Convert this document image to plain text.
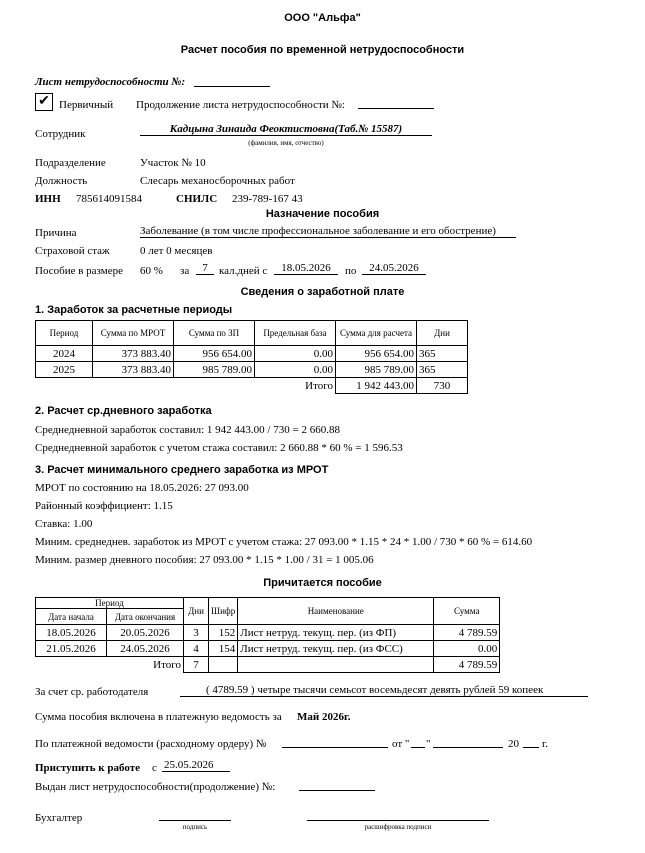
ООО "Альфа"
Расчет пособия по временной нетрудоспособности
Лист нетрудоспособности №:
✔ Первичный Продолжение листа нетрудоспособности №:
Сотрудник	Кадцына Зинаида Феоктистовна(Таб.№ 15587)
(фамилия, имя, отчество)
Подразделение	Участок № 10
Должность	Слесарь механосборочных работ
ИНН 785614091584	СНИЛС 239-789-167 43
Назначение пособия
Причина	Заболевание (в том числе профессиональное заболевание и его обострение)
Страховой стаж	0 лет 0 месяцев
Пособие в размере 60 % за	7	кал.дней с	18.05.2026	по	24.05.2026
Сведения о заработной плате
1. Заработок за расчетные периоды
Период	Сумма по МРОТ	Сумма по ЗП	Предельная база	Сумма для расчета	Дни
2024	373 883.40	956 654.00	0.00	956 654.00	365
2025	373 883.40	985 789.00	0.00	985 789.00	365
			Итого	1 942 443.00	730
2. Расчет ср.дневного заработка
Среднедневной заработок составил: 1 942 443.00 / 730 = 2 660.88
Среднедневной заработок с учетом стажа составил: 2 660.88 * 60 % = 1 596.53
3. Расчет минимального среднего заработка из МРОТ
МРОТ по состоянию на 18.05.2026: 27 093.00
Районный коэффициент: 1.15
Ставка: 1.00
Миним. среднеднев. заработок из МРОТ с учетом стажа: 27 093.00 * 1.15 * 24 * 1.00 / 730 * 60 % = 614.60
Миним. размер дневного пособия: 27 093.00 * 1.15 * 1.00 / 31 = 1 005.06
Причитается пособие
Период		Дни	Шифр	Наименование	Сумма
Дата начала	Дата окончания				
18.05.2026	20.05.2026	3	152	Лист нетруд. текущ. пер. (из ФП)	4 789.59
21.05.2026	24.05.2026	4	154	Лист нетруд. текущ. пер. (из ФСС)	0.00
	Итого	7			4 789.59
За счет ср. работодателя	( 4789.59 ) четыре тысячи семьсот восемьдесят девять рублей 59 копеек
Сумма пособия включена в платежную ведомость за Май 2026г.
По платежной ведомости (расходному ордеру) №	от " "	20 г.
Приступить к работе с 25.05.2026
Выдан лист нетрудоспособности(продолжение) №:
Бухгалтер
подпись	расшифровка подписи
